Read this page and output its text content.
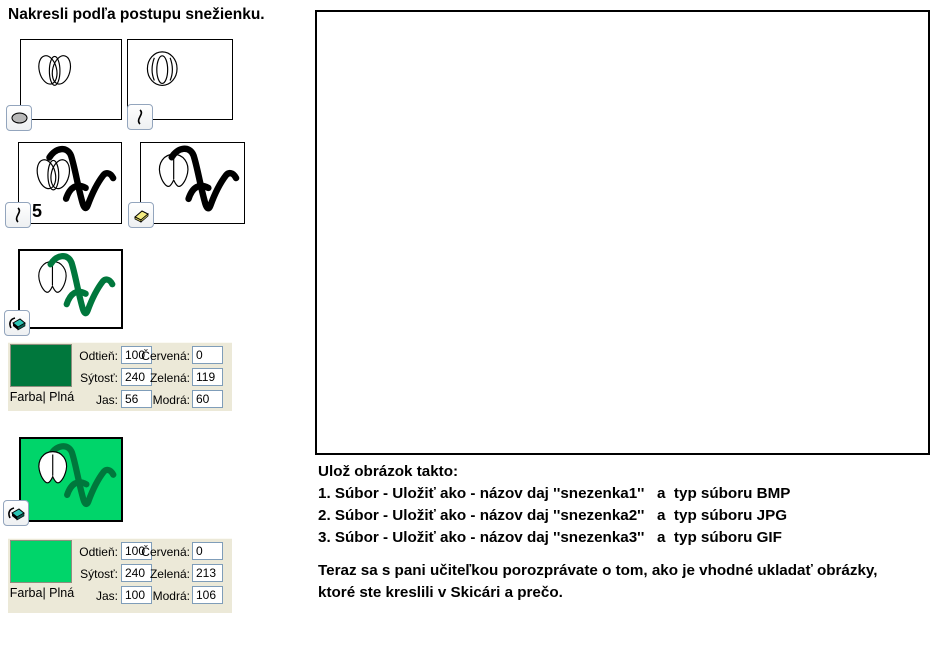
Nakresli podľa postupu snežienku.
5
Farba| Plná
Odtieň:
100
Sýtosť:
240
Jas:
56
Červená:
0
Zelená:
119
Modrá:
60
Farba| Plná
Odtieň:
100
Sýtosť:
240
Jas:
100
Červená:
0
Zelená:
213
Modrá:
106
Ulož obrázok takto:
1. Súbor - Uložiť ako - názov daj ''snezenka1''   a  typ súboru BMP
2. Súbor - Uložiť ako - názov daj ''snezenka2''   a  typ súboru JPG
3. Súbor - Uložiť ako - názov daj ''snezenka3''   a  typ súboru GIF
Teraz sa s pani učiteľkou porozprávate o tom, ako je vhodné ukladať obrázky, ktoré ste kreslili v Skicári a prečo.
